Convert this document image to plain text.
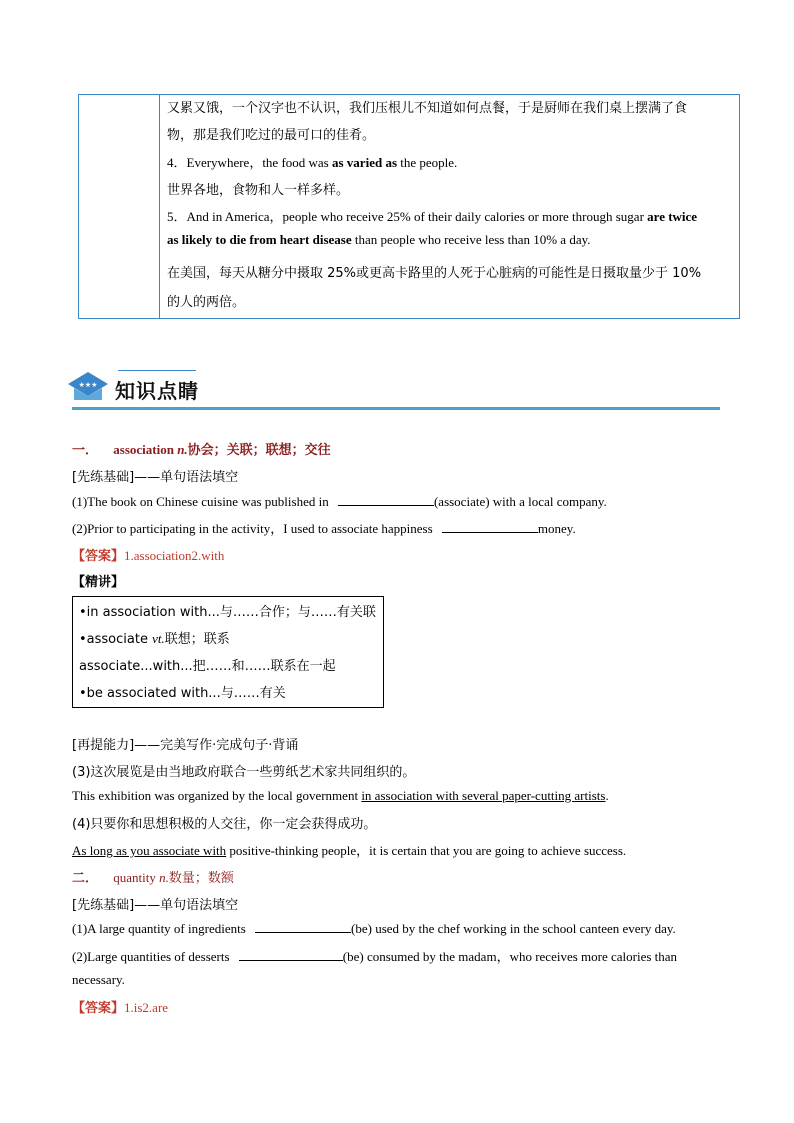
又累又饿，一个汉字也不认识，我们压根儿不知道如何点餐，于是厨师在我们桌上摆满了食
物，那是我们吃过的最可口的佳肴。
4．Everywhere，the food was as varied as the people.
世界各地，食物和人一样多样。
5．And in America，people who receive 25% of their daily calories or more through sugar are twice
as likely to die from heart disease than people who receive less than 10% a day.
在美国，每天从糖分中摄取 25%或更高卡路里的人死于心脏病的可能性是日摄取量少于 10%
的人的两倍。
★★★ 知识点睛
一． association n.协会；关联；联想；交往
[先练基础]——单句语法填空
(1)The book on Chinese cuisine was published in	(associate) with a local company.
(2)Prior to participating in the activity，I used to associate happiness	money.
【答案】1.association2.with
【精讲】
•in association with...与……合作；与……有关联
•associate vt.联想；联系
associate...with...把……和……联系在一起
•be associated with...与……有关
[再提能力]——完美写作·完成句子·背诵
(3)这次展览是由当地政府联合一些剪纸艺术家共同组织的。
This exhibition was organized by the local government in association with several paper-cutting artists.
(4)只要你和思想积极的人交往，你一定会获得成功。
As long as you associate with positive-thinking people，it is certain that you are going to achieve success.
二． quantity n.数量；数额
[先练基础]——单句语法填空
(1)A large quantity of ingredients	(be) used by the chef working in the school canteen every day.
(2)Large quantities of desserts	(be) consumed by the madam，who receives more calories than
necessary.
【答案】1.is2.are
